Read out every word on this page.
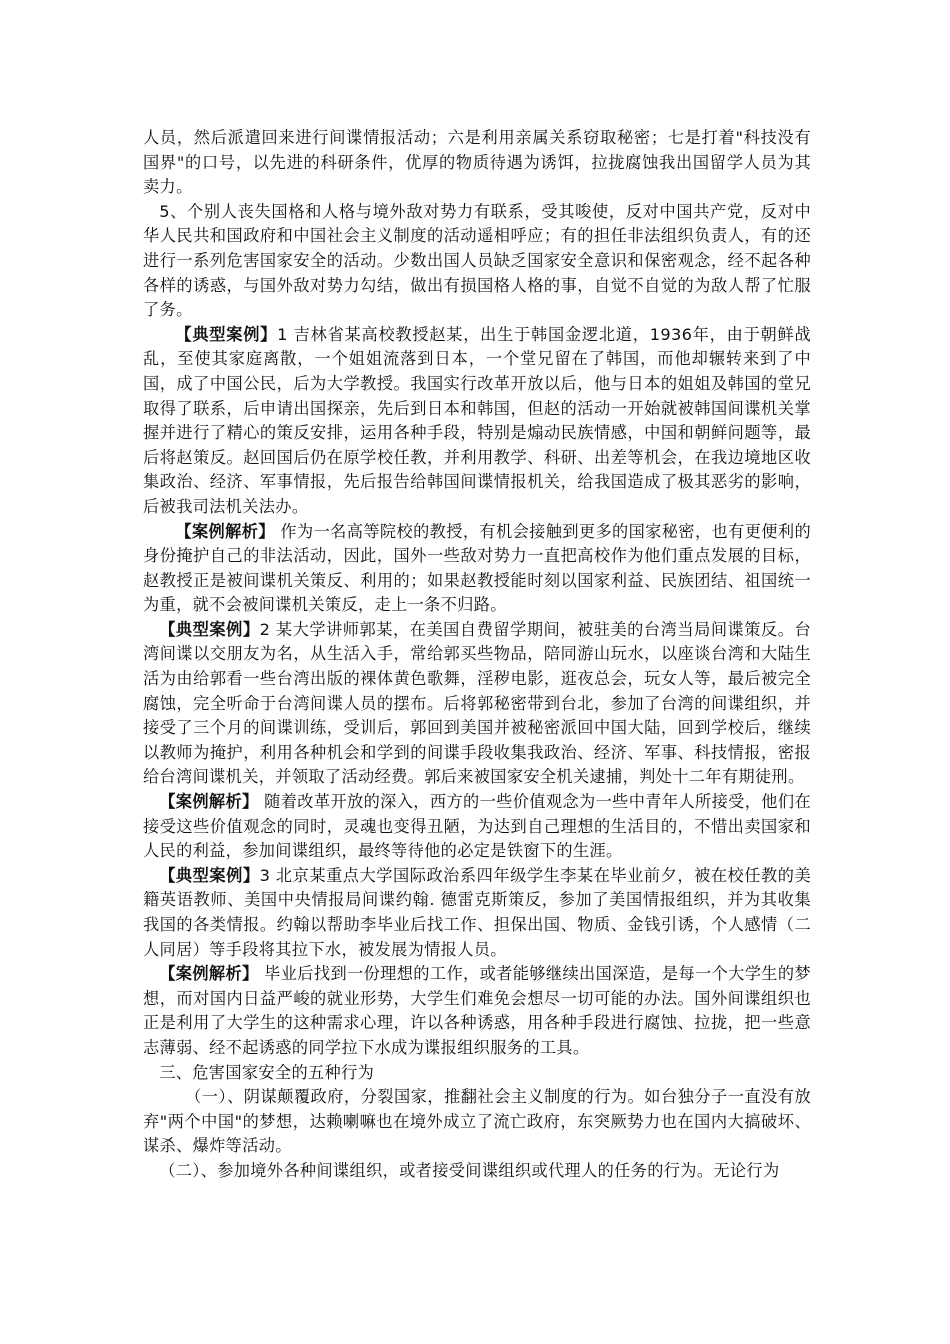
人员，然后派遣回来进行间谍情报活动；六是利用亲属关系窃取秘密；七是打着"科技没有国界"的口号，以先进的科研条件，优厚的物质待遇为诱饵，拉拢腐蚀我出国留学人员为其卖力。

5、个别人丧失国格和人格与境外敌对势力有联系，受其唆使，反对中国共产党，反对中华人民共和国政府和中国社会主义制度的活动遥相呼应；有的担任非法组织负责人，有的还进行一系列危害国家安全的活动。少数出国人员缺乏国家安全意识和保密观念，经不起各种各样的诱惑，与国外敌对势力勾结，做出有损国格人格的事，自觉不自觉的为敌人帮了忙服了务。

【典型案例】1 吉林省某高校教授赵某，出生于韩国金逻北道，1936年，由于朝鲜战乱，至使其家庭离散，一个姐姐流落到日本，一个堂兄留在了韩国，而他却辗转来到了中国，成了中国公民，后为大学教授。我国实行改革开放以后，他与日本的姐姐及韩国的堂兄取得了联系，后申请出国探亲，先后到日本和韩国，但赵的活动一开始就被韩国间谍机关掌握并进行了精心的策反安排，运用各种手段，特别是煽动民族情感，中国和朝鲜问题等，最后将赵策反。赵回国后仍在原学校任教，并利用教学、科研、出差等机会，在我边境地区收集政治、经济、军事情报，先后报告给韩国间谍情报机关，给我国造成了极其恶劣的影响，后被我司法机关法办。

【案例解析】 作为一名高等院校的教授，有机会接触到更多的国家秘密，也有更便利的身份掩护自己的非法活动，因此，国外一些敌对势力一直把高校作为他们重点发展的目标，赵教授正是被间谍机关策反、利用的；如果赵教授能时刻以国家利益、民族团结、祖国统一为重，就不会被间谍机关策反，走上一条不归路。

【典型案例】2 某大学讲师郭某，在美国自费留学期间，被驻美的台湾当局间谍策反。台湾间谍以交朋友为名，从生活入手，常给郭买些物品，陪同游山玩水，以座谈台湾和大陆生活为由给郭看一些台湾出版的裸体黄色歌舞，淫秽电影，逛夜总会，玩女人等，最后被完全腐蚀，完全听命于台湾间谍人员的摆布。后将郭秘密带到台北，参加了台湾的间谍组织，并接受了三个月的间谍训练，受训后，郭回到美国并被秘密派回中国大陆，回到学校后，继续以教师为掩护，利用各种机会和学到的间谍手段收集我政治、经济、军事、科技情报，密报给台湾间谍机关，并领取了活动经费。郭后来被国家安全机关逮捕，判处十二年有期徒刑。

【案例解析】 随着改革开放的深入，西方的一些价值观念为一些中青年人所接受，他们在接受这些价值观念的同时，灵魂也变得丑陋，为达到自己理想的生活目的，不惜出卖国家和人民的利益，参加间谍组织，最终等待他的必定是铁窗下的生涯。

【典型案例】3 北京某重点大学国际政治系四年级学生李某在毕业前夕，被在校任教的美籍英语教师、美国中央情报局间谍约翰. 德雷克斯策反，参加了美国情报组织，并为其收集我国的各类情报。约翰以帮助李毕业后找工作、担保出国、物质、金钱引诱，个人感情（二人同居）等手段将其拉下水，被发展为情报人员。

【案例解析】 毕业后找到一份理想的工作，或者能够继续出国深造，是每一个大学生的梦想，而对国内日益严峻的就业形势，大学生们难免会想尽一切可能的办法。国外间谍组织也正是利用了大学生的这种需求心理，许以各种诱惑，用各种手段进行腐蚀、拉拢，把一些意志薄弱、经不起诱惑的同学拉下水成为谍报组织服务的工具。

三、危害国家安全的五种行为

（一）、阴谋颠覆政府，分裂国家，推翻社会主义制度的行为。如台独分子一直没有放弃"两个中国"的梦想，达赖喇嘛也在境外成立了流亡政府，东突厥势力也在国内大搞破坏、谋杀、爆炸等活动。

（二）、参加境外各种间谍组织，或者接受间谍组织或代理人的任务的行为。无论行为
